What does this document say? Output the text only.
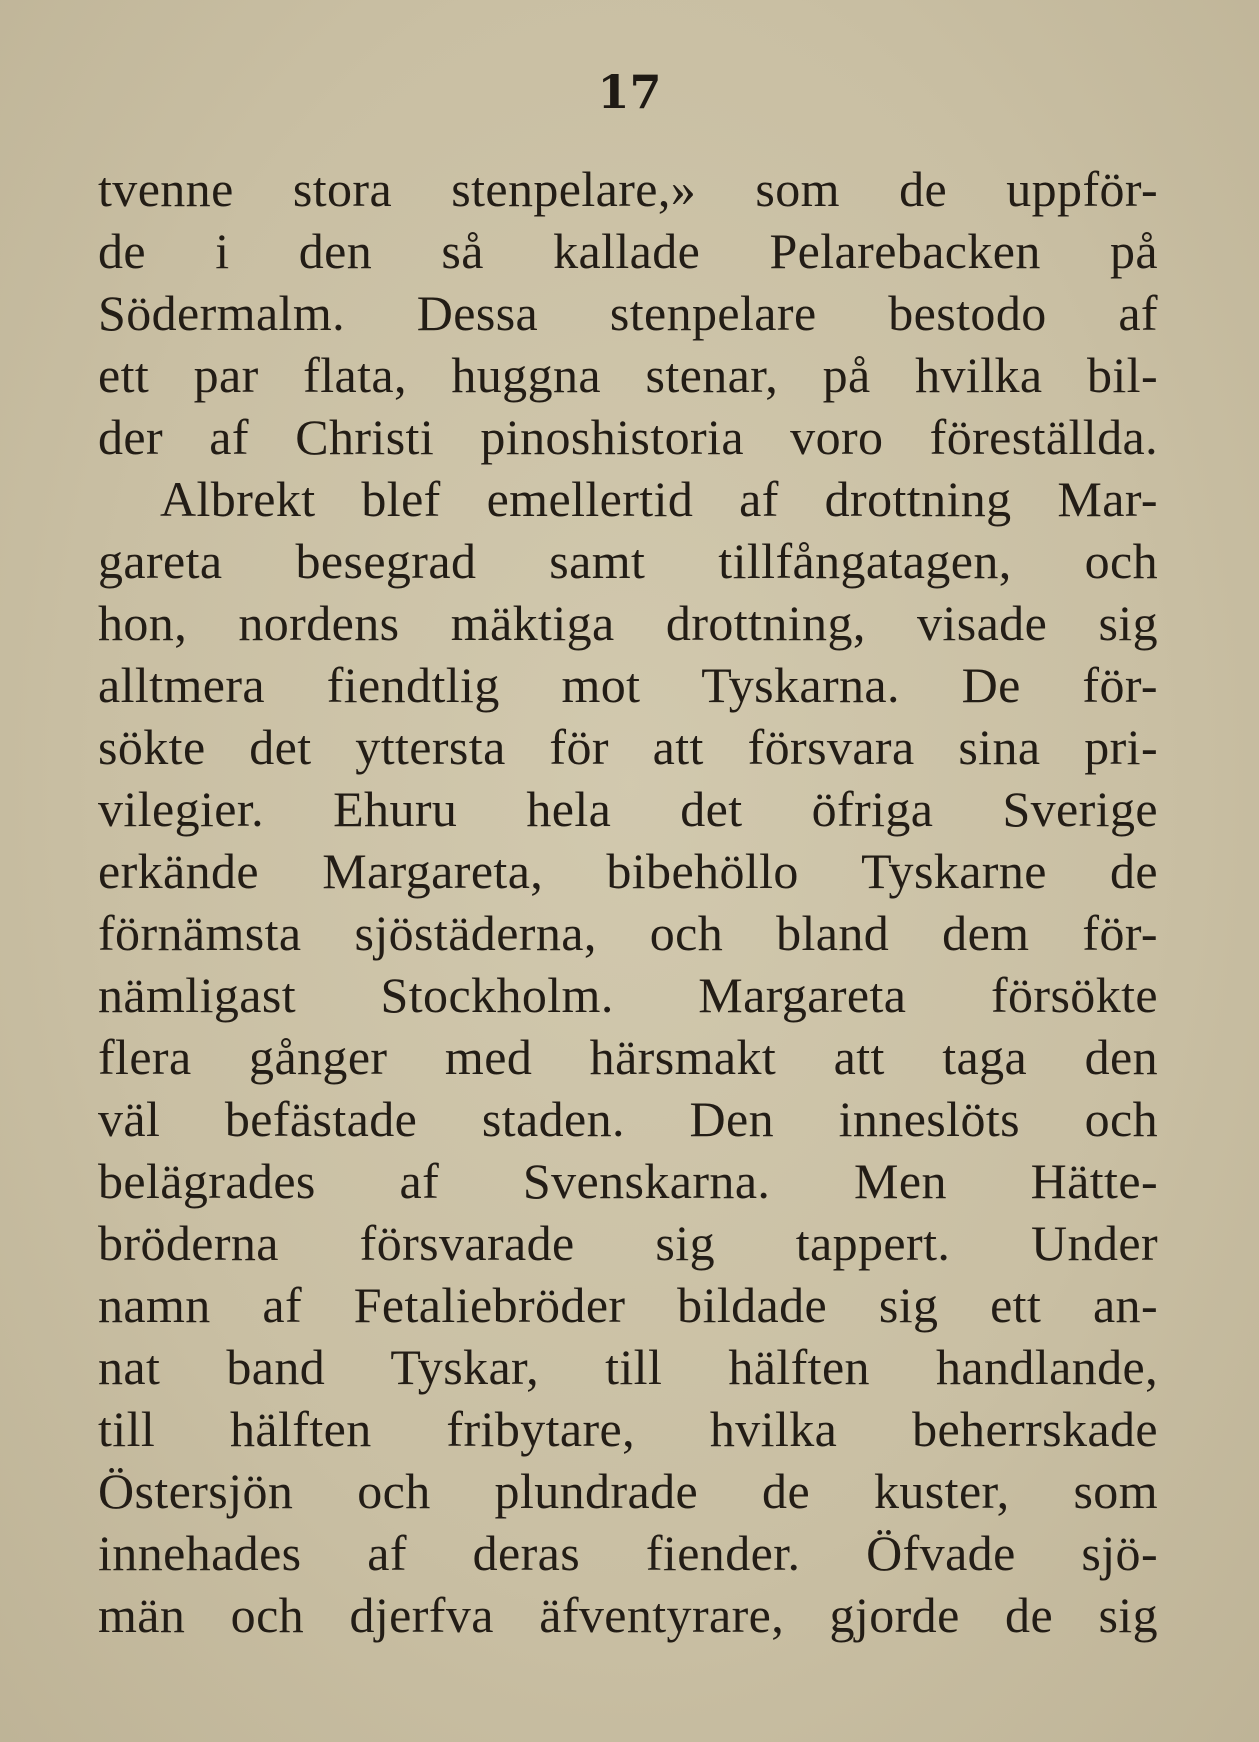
17
tvenne stora stenpelare,» som de uppför-
de i den så kallade Pelarebacken på
Södermalm. Dessa stenpelare bestodo af
ett par flata, huggna stenar, på hvilka bil-
der af Christi pinoshistoria voro föreställda.
Albrekt blef emellertid af drottning Mar-
gareta besegrad samt tillfångatagen, och
hon, nordens mäktiga drottning, visade sig
alltmera fiendtlig mot Tyskarna. De för-
sökte det yttersta för att försvara sina pri-
vilegier. Ehuru hela det öfriga Sverige
erkände Margareta, bibehöllo Tyskarne de
förnämsta sjöstäderna, och bland dem för-
nämligast Stockholm. Margareta försökte
flera gånger med härsmakt att taga den
väl befästade staden. Den inneslöts och
belägrades af Svenskarna. Men Hätte-
bröderna försvarade sig tappert. Under
namn af Fetaliebröder bildade sig ett an-
nat band Tyskar, till hälften handlande,
till hälften fribytare, hvilka beherrskade
Östersjön och plundrade de kuster, som
innehades af deras fiender. Öfvade sjö-
män och djerfva äfventyrare, gjorde de sig
